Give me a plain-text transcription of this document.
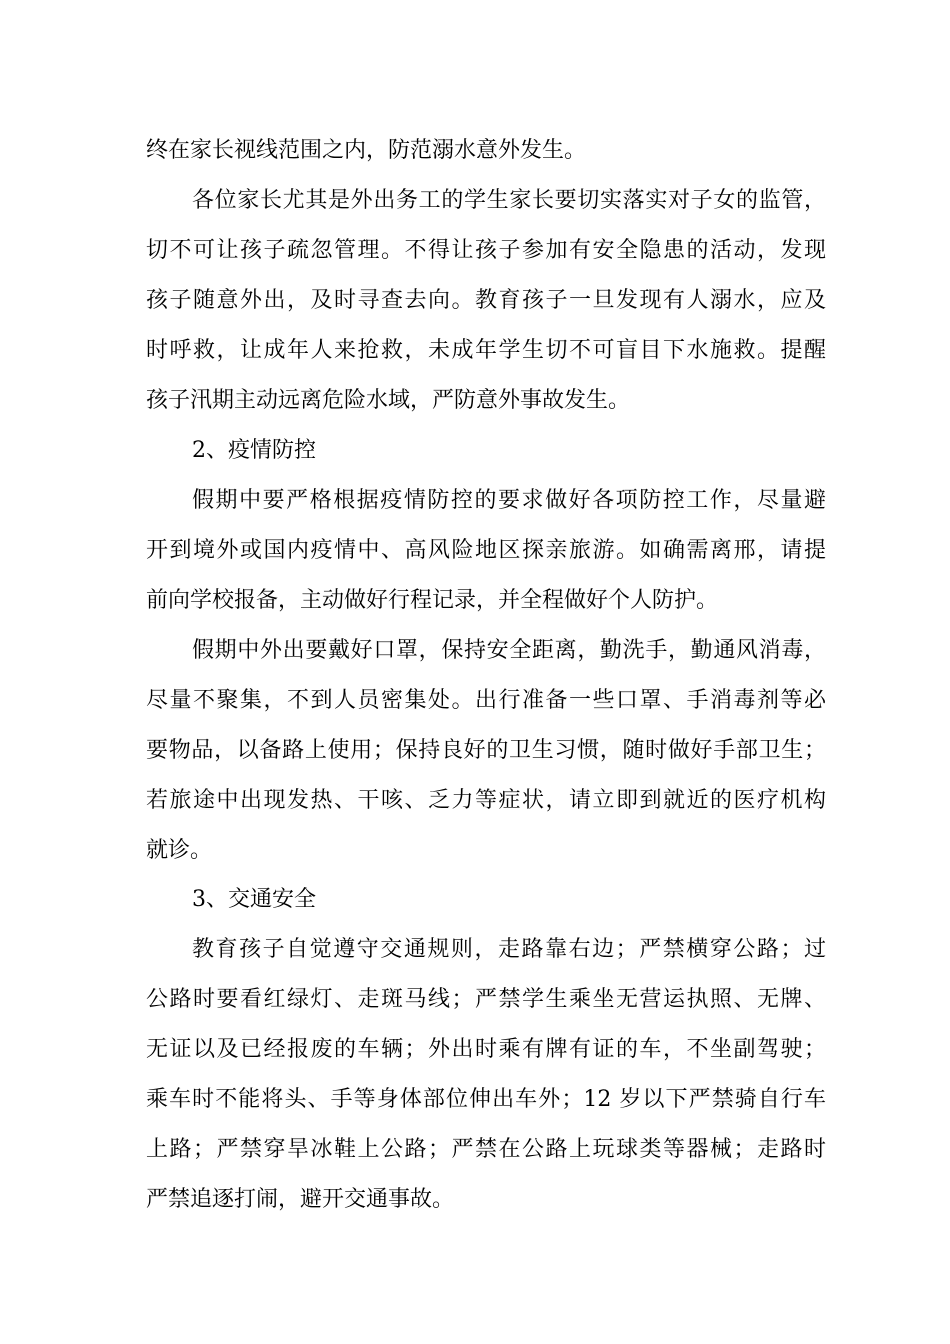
终在家长视线范围之内，防范溺水意外发生。
各位家长尤其是外出务工的学生家长要切实落实对子女的监管，
切不可让孩子疏忽管理。不得让孩子参加有安全隐患的活动，发现
孩子随意外出，及时寻查去向。教育孩子一旦发现有人溺水，应及
时呼救，让成年人来抢救，未成年学生切不可盲目下水施救。提醒
孩子汛期主动远离危险水域，严防意外事故发生。
2、疫情防控
假期中要严格根据疫情防控的要求做好各项防控工作，尽量避
开到境外或国内疫情中、高风险地区探亲旅游。如确需离邢，请提
前向学校报备，主动做好行程记录，并全程做好个人防护。
假期中外出要戴好口罩，保持安全距离，勤洗手，勤通风消毒，
尽量不聚集，不到人员密集处。出行准备一些口罩、手消毒剂等必
要物品，以备路上使用；保持良好的卫生习惯，随时做好手部卫生；
若旅途中出现发热、干咳、乏力等症状，请立即到就近的医疗机构
就诊。
3、交通安全
教育孩子自觉遵守交通规则，走路靠右边；严禁横穿公路；过
公路时要看红绿灯、走斑马线；严禁学生乘坐无营运执照、无牌、
无证以及已经报废的车辆；外出时乘有牌有证的车，不坐副驾驶；
乘车时不能将头、手等身体部位伸出车外；12 岁以下严禁骑自行车
上路；严禁穿旱冰鞋上公路；严禁在公路上玩球类等器械；走路时
严禁追逐打闹，避开交通事故。
